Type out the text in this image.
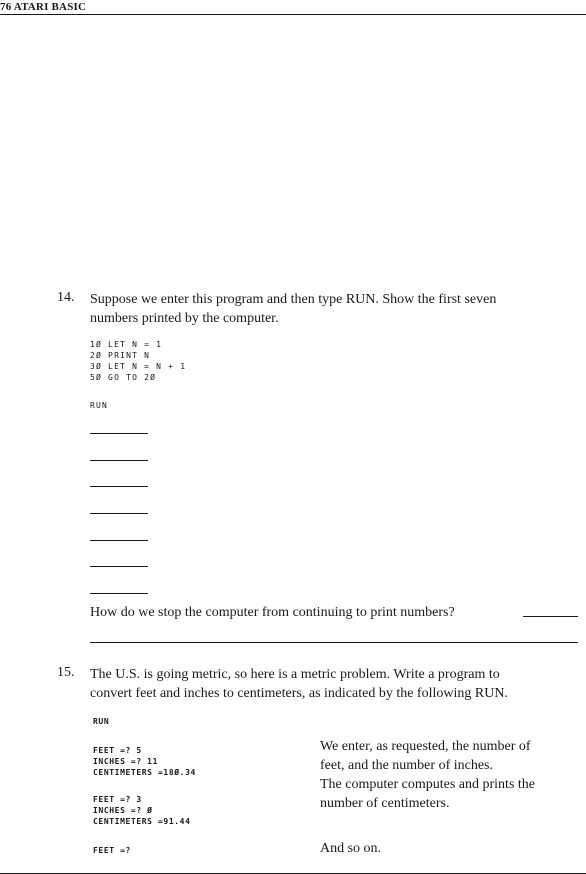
76 ATARI BASIC
14. Suppose we enter this program and then type RUN. Show the first seven
numbers printed by the computer.
1Ø LET N = 1
2Ø PRINT N
3Ø LET N = N + 1
5Ø GO TO 2Ø
RUN
How do we stop the computer from continuing to print numbers?
15. The U.S. is going metric, so here is a metric problem. Write a program to
convert feet and inches to centimeters, as indicated by the following RUN.
RUN
FEET =? 5
INCHES =? 11
CENTIMETERS =18Ø.34
FEET =? 3
INCHES =? Ø
CENTIMETERS =91.44
FEET =?
We enter, as requested, the number of
feet, and the number of inches.
The computer computes and prints the
number of centimeters.
And so on.
